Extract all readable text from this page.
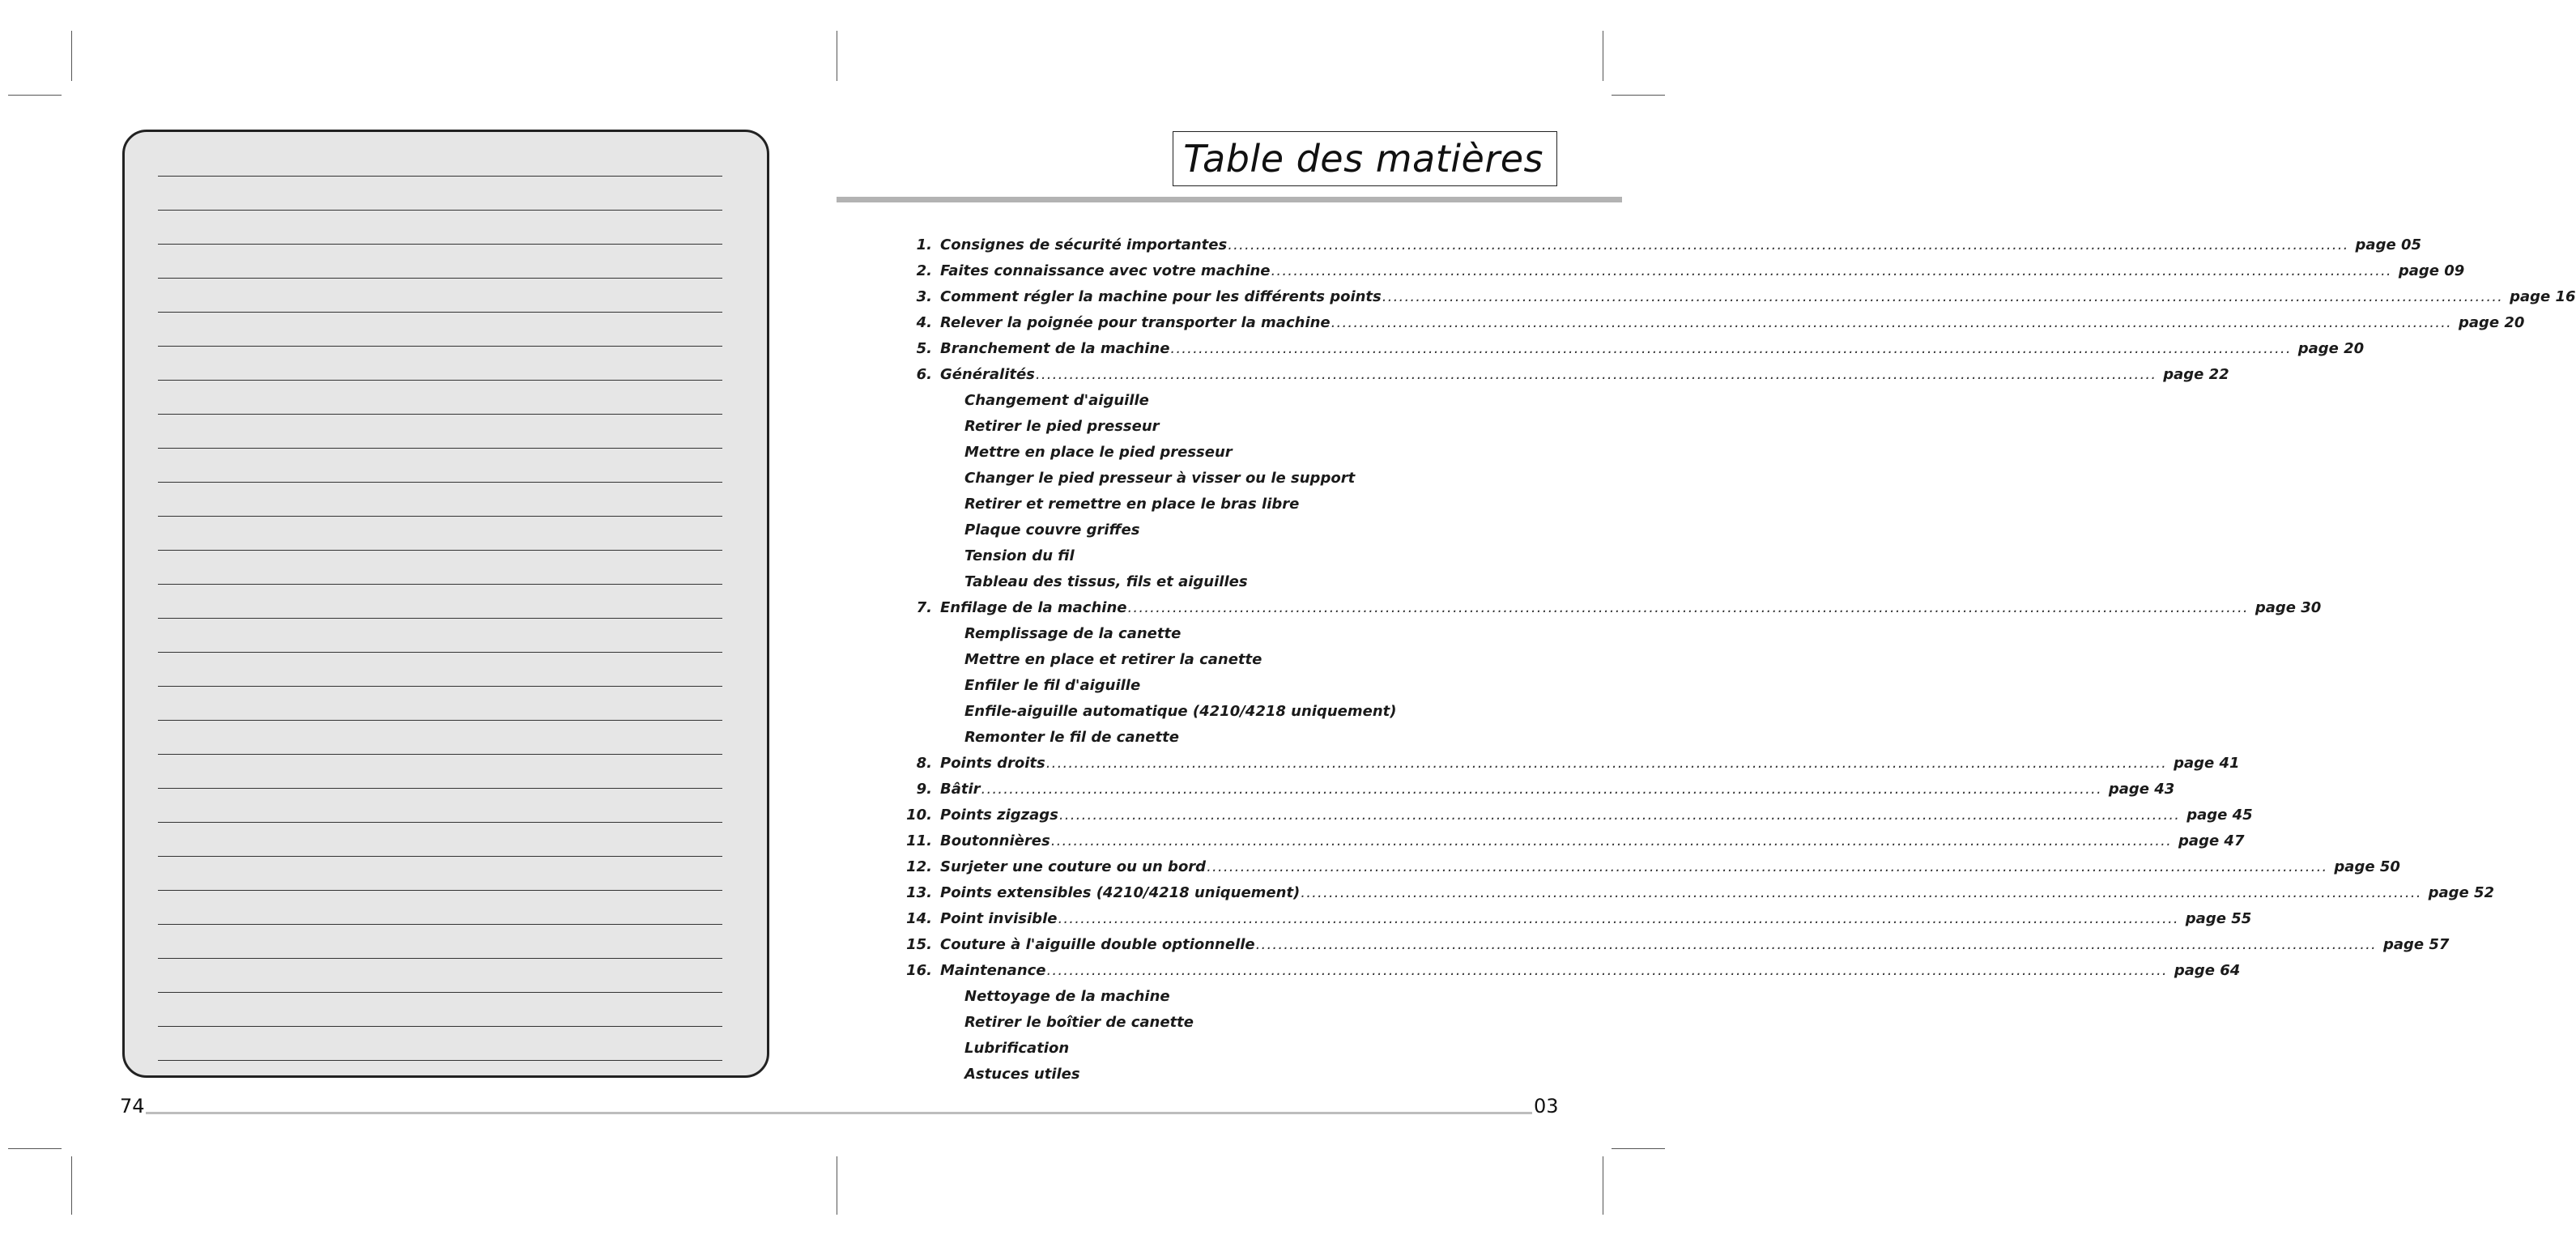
Table des matières
1. Consignes de sécurité importantes ........................................................................................................................................................................................................ page 05
2. Faites connaissance avec votre machine ........................................................................................................................................................................................................ page 09
3. Comment régler la machine pour les différents points ........................................................................................................................................................................................................ page 16
4. Relever la poignée pour transporter la machine ........................................................................................................................................................................................................ page 20
5. Branchement de la machine ........................................................................................................................................................................................................ page 20
6. Généralités ........................................................................................................................................................................................................ page 22
Changement d'aiguille
Retirer le pied presseur
Mettre en place le pied presseur
Changer le pied presseur à visser ou le support
Retirer et remettre en place le bras libre
Plaque couvre griffes
Tension du fil
Tableau des tissus, fils et aiguilles
7. Enfilage de la machine ........................................................................................................................................................................................................ page 30
Remplissage de la canette
Mettre en place et retirer la canette
Enfiler le fil d'aiguille
Enfile-aiguille automatique (4210/4218 uniquement)
Remonter le fil de canette
8. Points droits ........................................................................................................................................................................................................ page 41
9. Bâtir ........................................................................................................................................................................................................ page 43
10. Points zigzags ........................................................................................................................................................................................................ page 45
11. Boutonnières ........................................................................................................................................................................................................ page 47
12. Surjeter une couture ou un bord ........................................................................................................................................................................................................ page 50
13. Points extensibles (4210/4218 uniquement) ........................................................................................................................................................................................................ page 52
14. Point invisible ........................................................................................................................................................................................................ page 55
15. Couture à l'aiguille double optionnelle ........................................................................................................................................................................................................ page 57
16. Maintenance ........................................................................................................................................................................................................ page 64
Nettoyage de la machine
Retirer le boîtier de canette
Lubrification
Astuces utiles
74	03
